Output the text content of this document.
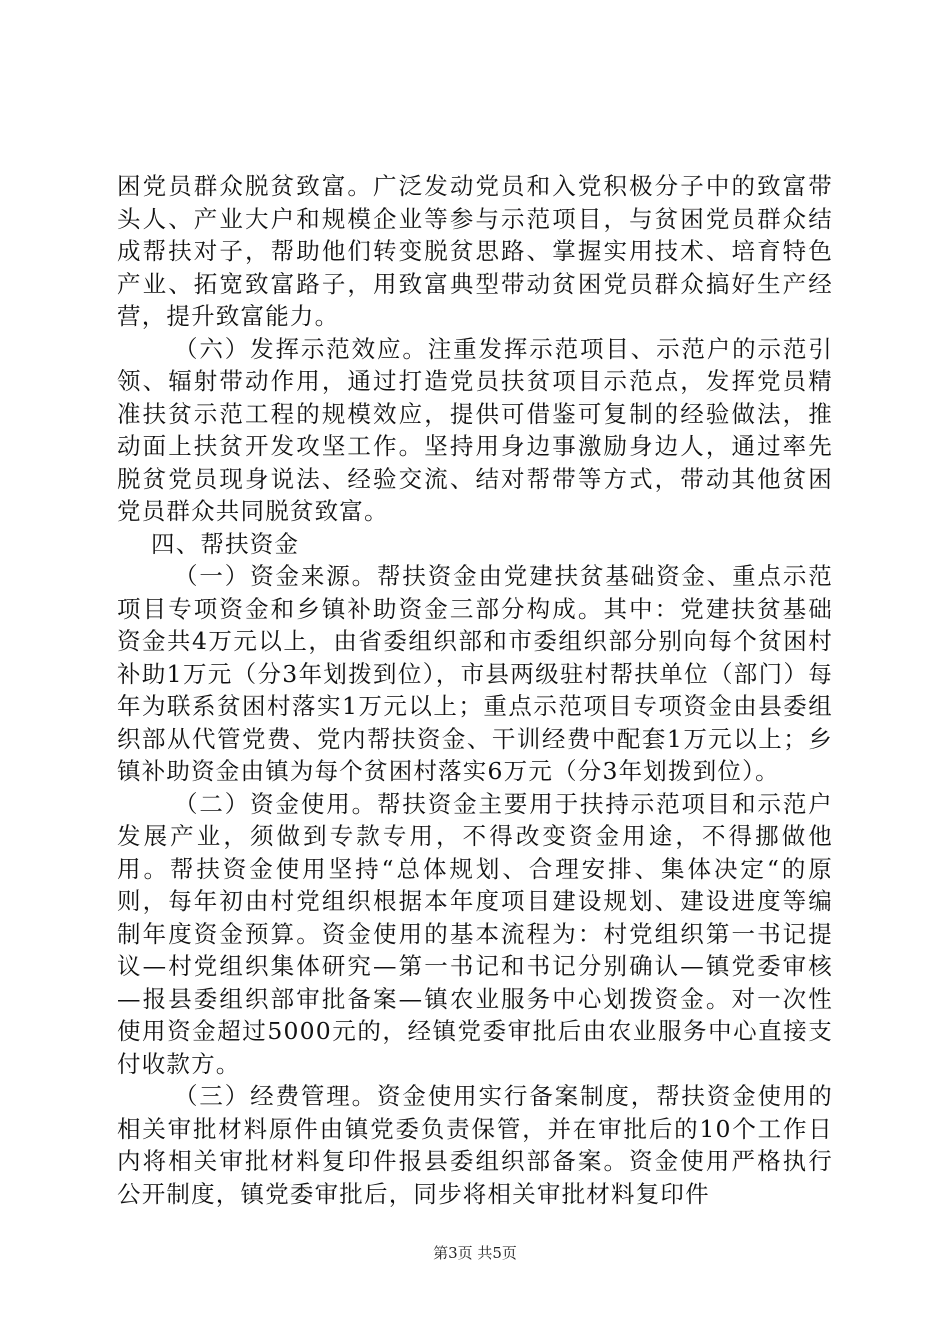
困党员群众脱贫致富。广泛发动党员和入党积极分子中的致富带头人、产业大户和规模企业等参与示范项目，与贫困党员群众结成帮扶对子，帮助他们转变脱贫思路、掌握实用技术、培育特色产业、拓宽致富路子，用致富典型带动贫困党员群众搞好生产经营，提升致富能力。

（六）发挥示范效应。注重发挥示范项目、示范户的示范引领、辐射带动作用，通过打造党员扶贫项目示范点，发挥党员精准扶贫示范工程的规模效应，提供可借鉴可复制的经验做法，推动面上扶贫开发攻坚工作。坚持用身边事激励身边人，通过率先脱贫党员现身说法、经验交流、结对帮带等方式，带动其他贫困党员群众共同脱贫致富。

四、帮扶资金

（一）资金来源。帮扶资金由党建扶贫基础资金、重点示范项目专项资金和乡镇补助资金三部分构成。其中：党建扶贫基础资金共4万元以上，由省委组织部和市委组织部分别向每个贫困村补助1万元（分3年划拨到位），市县两级驻村帮扶单位（部门）每年为联系贫困村落实1万元以上；重点示范项目专项资金由县委组织部从代管党费、党内帮扶资金、干训经费中配套1万元以上；乡镇补助资金由镇为每个贫困村落实6万元（分3年划拨到位）。

（二）资金使用。帮扶资金主要用于扶持示范项目和示范户发展产业，须做到专款专用，不得改变资金用途，不得挪做他用。帮扶资金使用坚持“总体规划、合理安排、集体决定“的原则，每年初由村党组织根据本年度项目建设规划、建设进度等编制年度资金预算。资金使用的基本流程为：村党组织第一书记提议—村党组织集体研究—第一书记和书记分别确认—镇党委审核—报县委组织部审批备案—镇农业服务中心划拨资金。对一次性使用资金超过5000元的，经镇党委审批后由农业服务中心直接支付收款方。

（三）经费管理。资金使用实行备案制度，帮扶资金使用的相关审批材料原件由镇党委负责保管，并在审批后的10个工作日内将相关审批材料复印件报县委组织部备案。资金使用严格执行公开制度，镇党委审批后，同步将相关审批材料复印件

第3页 共5页
